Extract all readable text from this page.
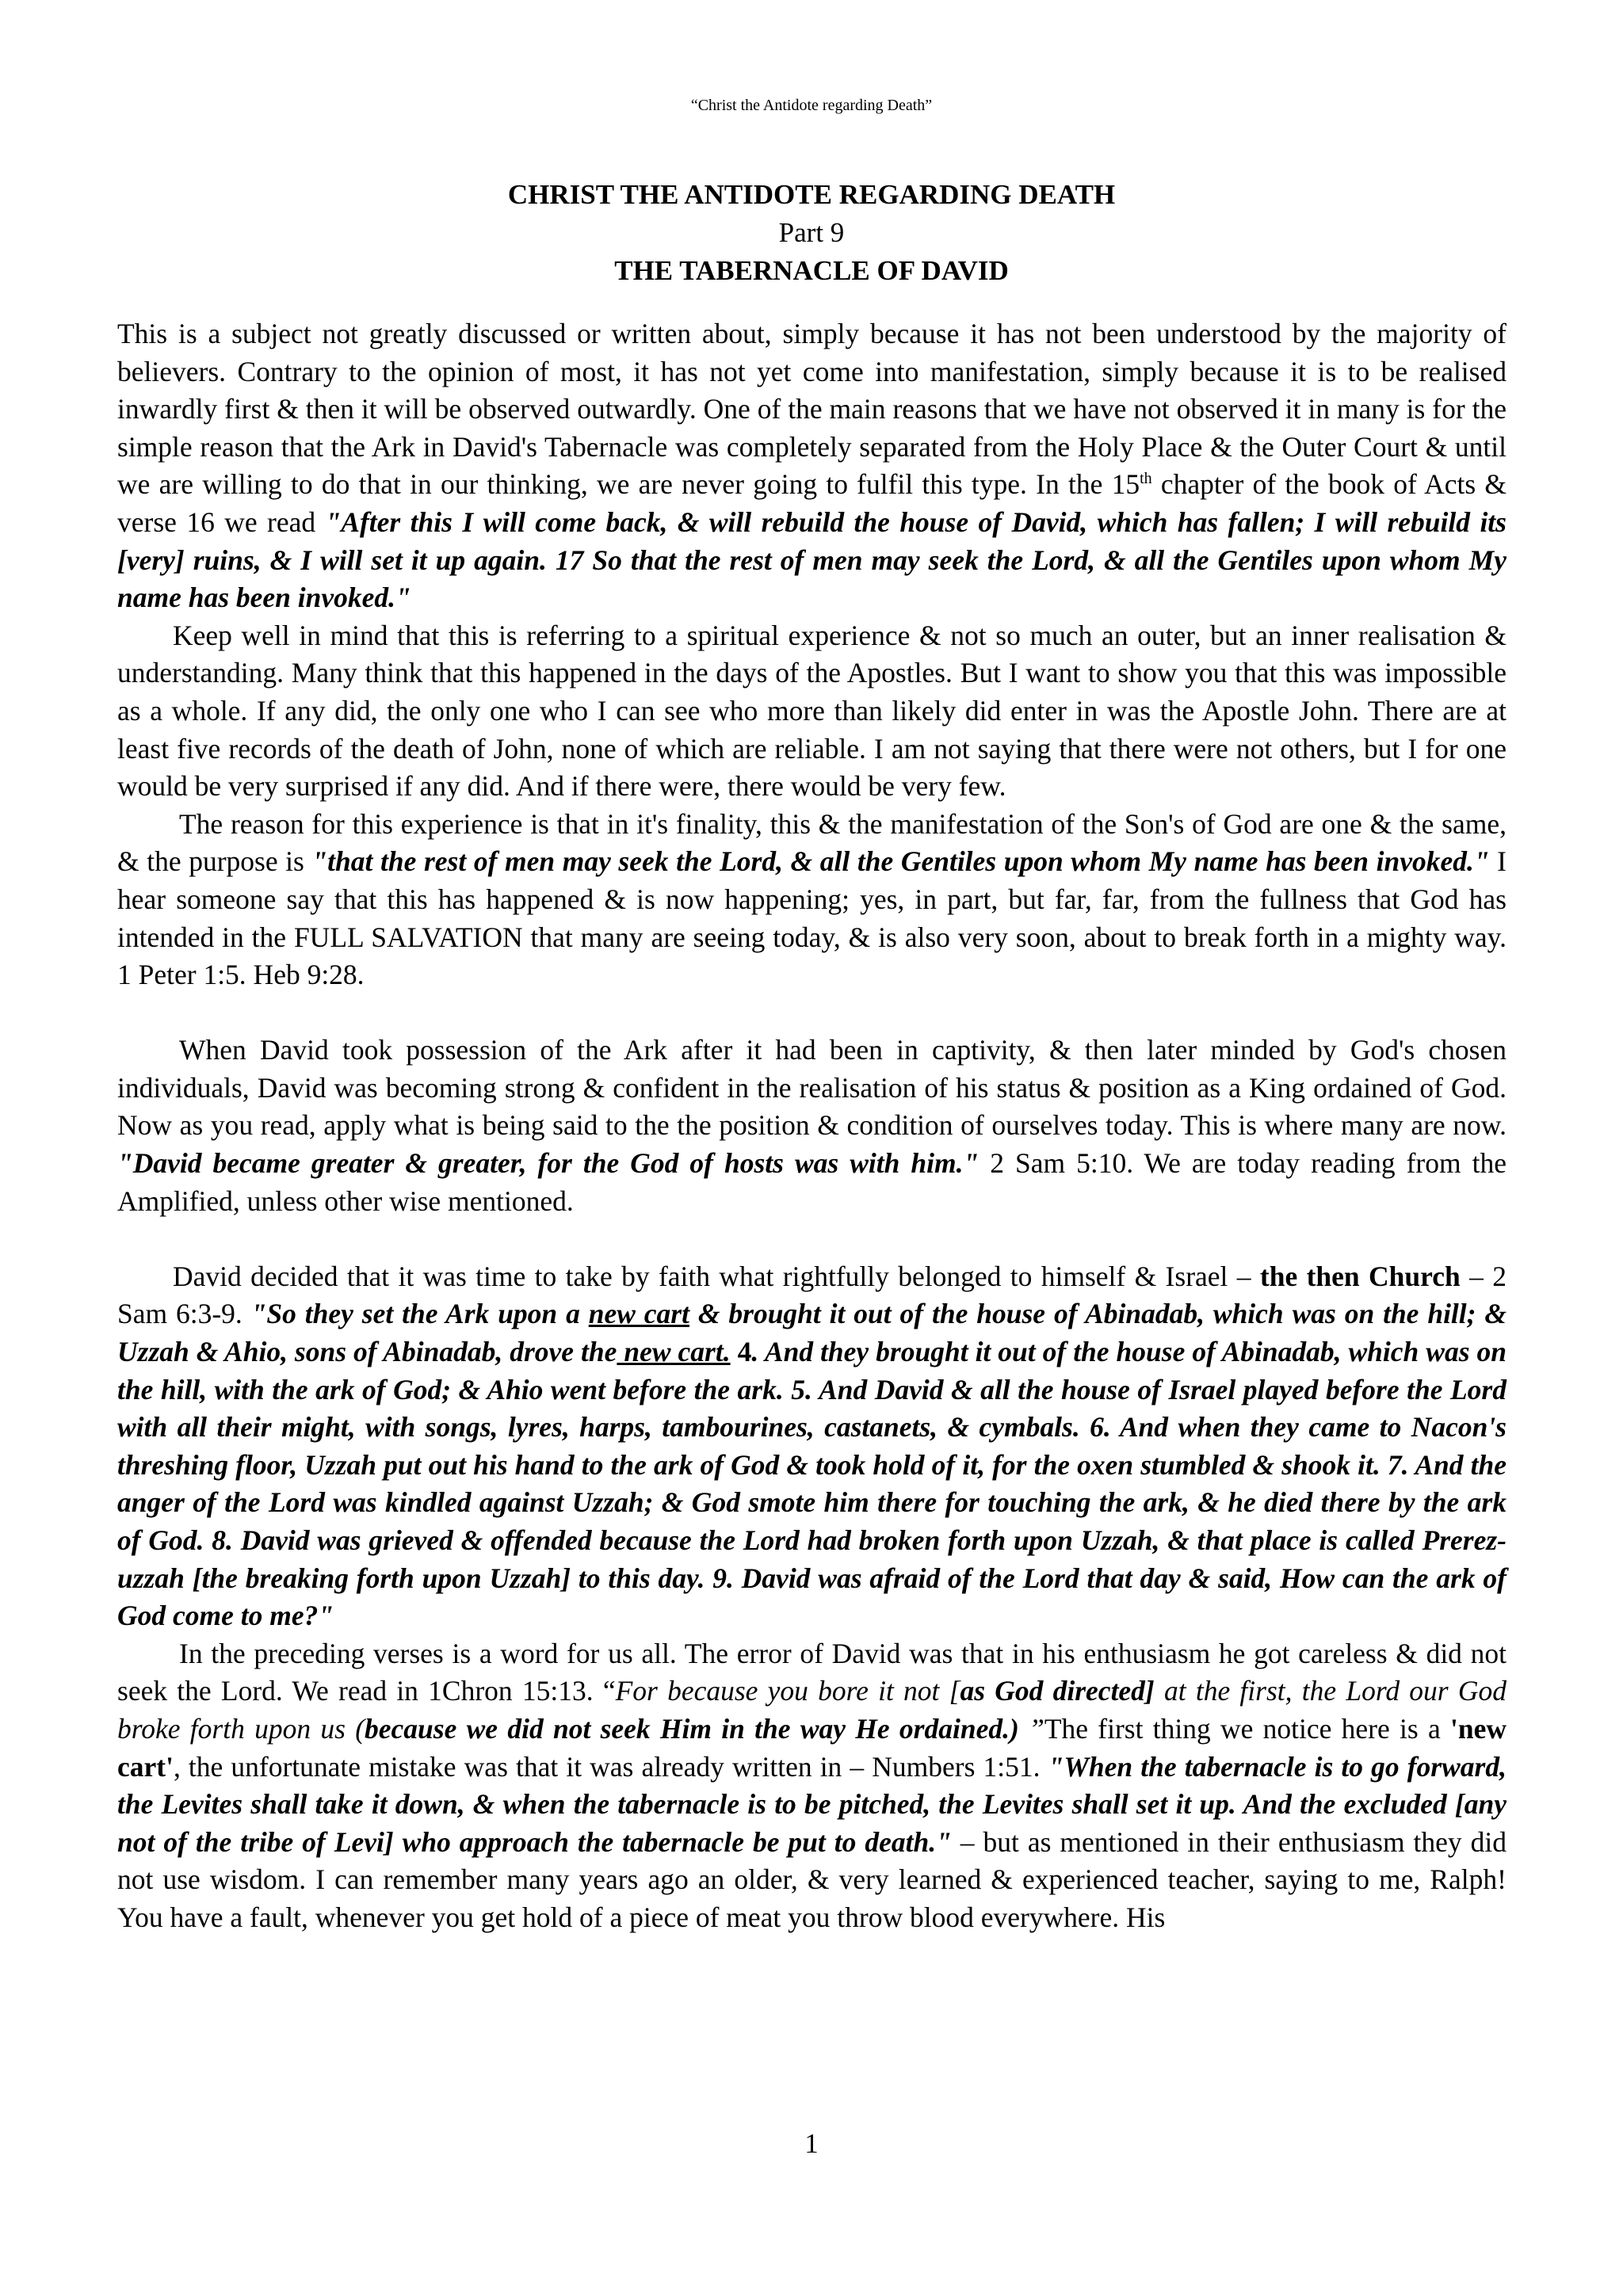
“Christ the Antidote regarding Death”
CHRIST THE ANTIDOTE REGARDING DEATH
Part 9
THE TABERNACLE OF DAVID

This is a subject not greatly discussed or written about, simply because it has not been understood by the majority of believers. Contrary to the opinion of most, it has not yet come into manifestation, simply because it is to be realised inwardly first & then it will be observed outwardly. One of the main reasons that we have not observed it in many is for the simple reason that the Ark in David's Tabernacle was completely separated from the Holy Place & the Outer Court & until we are willing to do that in our thinking, we are never going to fulfil this type. In the 15th chapter of the book of Acts & verse 16 we read "After this I will come back, & will rebuild the house of David, which has fallen; I will rebuild its [very] ruins, & I will set it up again. 17 So that the rest of men may seek the Lord, & all the Gentiles upon whom My name has been invoked."

Keep well in mind that this is referring to a spiritual experience & not so much an outer, but an inner realisation & understanding. Many think that this happened in the days of the Apostles. But I want to show you that this was impossible as a whole. If any did, the only one who I can see who more than likely did enter in was the Apostle John. There are at least five records of the death of John, none of which are reliable. I am not saying that there were not others, but I for one would be very surprised if any did. And if there were, there would be very few.

The reason for this experience is that in it's finality, this & the manifestation of the Son's of God are one & the same, & the purpose is "that the rest of men may seek the Lord, & all the Gentiles upon whom My name has been invoked." I hear someone say that this has happened & is now happening; yes, in part, but far, far, from the fullness that God has intended in the FULL SALVATION that many are seeing today, & is also very soon, about to break forth in a mighty way. 1 Peter 1:5. Heb 9:28.

When David took possession of the Ark after it had been in captivity, & then later minded by God's chosen individuals, David was becoming strong & confident in the realisation of his status & position as a King ordained of God. Now as you read, apply what is being said to the the position & condition of ourselves today. This is where many are now. "David became greater & greater, for the God of hosts was with him." 2 Sam 5:10. We are today reading from the Amplified, unless other wise mentioned.

David decided that it was time to take by faith what rightfully belonged to himself & Israel – the then Church – 2 Sam 6:3-9. "So they set the Ark upon a new cart & brought it out of the house of Abinadab, which was on the hill; & Uzzah & Ahio, sons of Abinadab, drove the new cart. 4. And they brought it out of the house of Abinadab, which was on the hill, with the ark of God; & Ahio went before the ark. 5. And David & all the house of Israel played before the Lord with all their might, with songs, lyres, harps, tambourines, castanets, & cymbals. 6. And when they came to Nacon's threshing floor, Uzzah put out his hand to the ark of God & took hold of it, for the oxen stumbled & shook it. 7. And the anger of the Lord was kindled against Uzzah; & God smote him there for touching the ark, & he died there by the ark of God. 8. David was grieved & offended because the Lord had broken forth upon Uzzah, & that place is called Prerez-uzzah [the breaking forth upon Uzzah] to this day. 9. David was afraid of the Lord that day & said, How can the ark of God come to me?"

In the preceding verses is a word for us all. The error of David was that in his enthusiasm he got careless & did not seek the Lord. We read in 1Chron 15:13. “For because you bore it not [as God directed] at the first, the Lord our God broke forth upon us (because we did not seek Him in the way He ordained.) ”The first thing we notice here is a 'new cart', the unfortunate mistake was that it was already written in – Numbers 1:51. "When the tabernacle is to go forward, the Levites shall take it down, & when the tabernacle is to be pitched, the Levites shall set it up. And the excluded [any not of the tribe of Levi] who approach the tabernacle be put to death." – but as mentioned in their enthusiasm they did not use wisdom. I can remember many years ago an older, & very learned & experienced teacher, saying to me, Ralph! You have a fault, whenever you get hold of a piece of meat you throw blood everywhere. His

1
